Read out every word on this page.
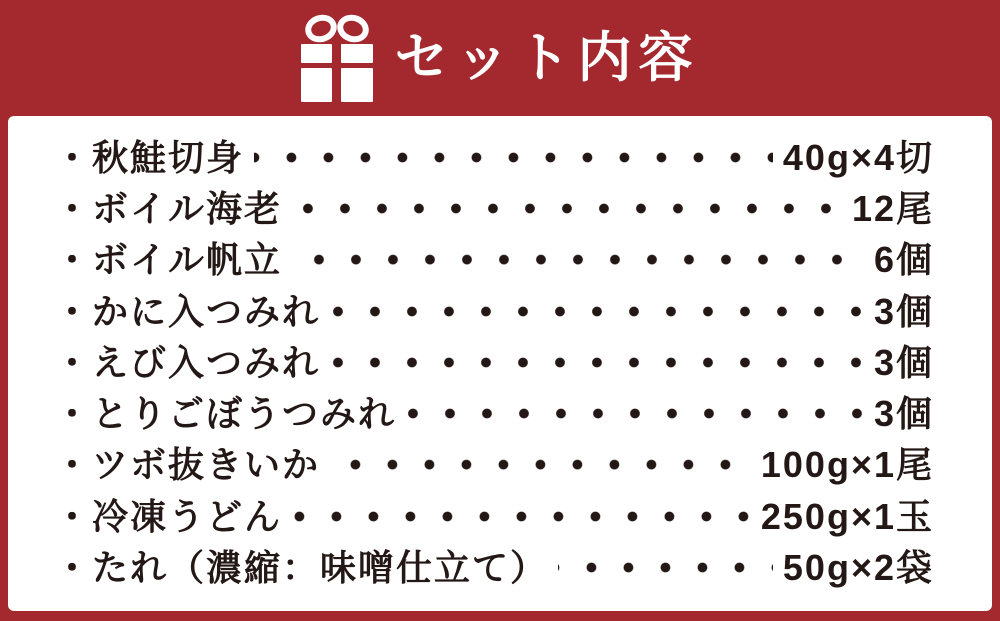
セット内容
・ 秋鮭切身	40g×4切
・ ボイル海老	12尾
・ ボイル帆立	6個
・ かに入つみれ	3個
・ えび入つみれ	3個
・ とりごぼうつみれ	3個
・ ツボ抜きいか	100g×1尾
・ 冷凍うどん	250g×1玉
・ たれ（濃縮：味噌仕立て）	50g×2袋
